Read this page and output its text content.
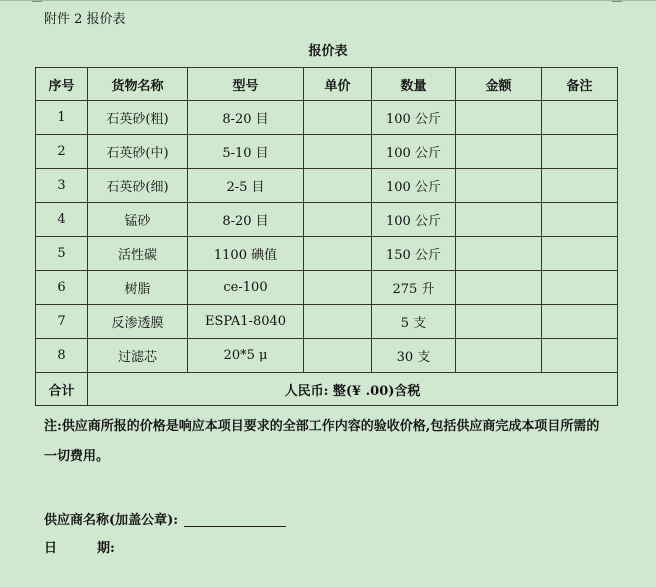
附件 2 报价表
报价表
序号	货物名称	型号	单价	数量	金额	备注
1	石英砂(粗)	8-20 目		100 公斤		
2	石英砂(中)	5-10 目		100 公斤		
3	石英砂(细)	2-5 目		100 公斤		
4	锰砂	8-20 目		100 公斤		
5	活性碳	1100 碘值		150 公斤		
6	树脂	ce-100		275 升		
7	反渗透膜	ESPA1-8040		5 支		
8	过滤芯	20*5 μ		30 支		
合计	人民币: 整(¥ .00)含税					
注:供应商所报的价格是响应本项目要求的全部工作内容的验收价格,包括供应商完成本项目所需的一切费用。
供应商名称(加盖公章):
日	期:
